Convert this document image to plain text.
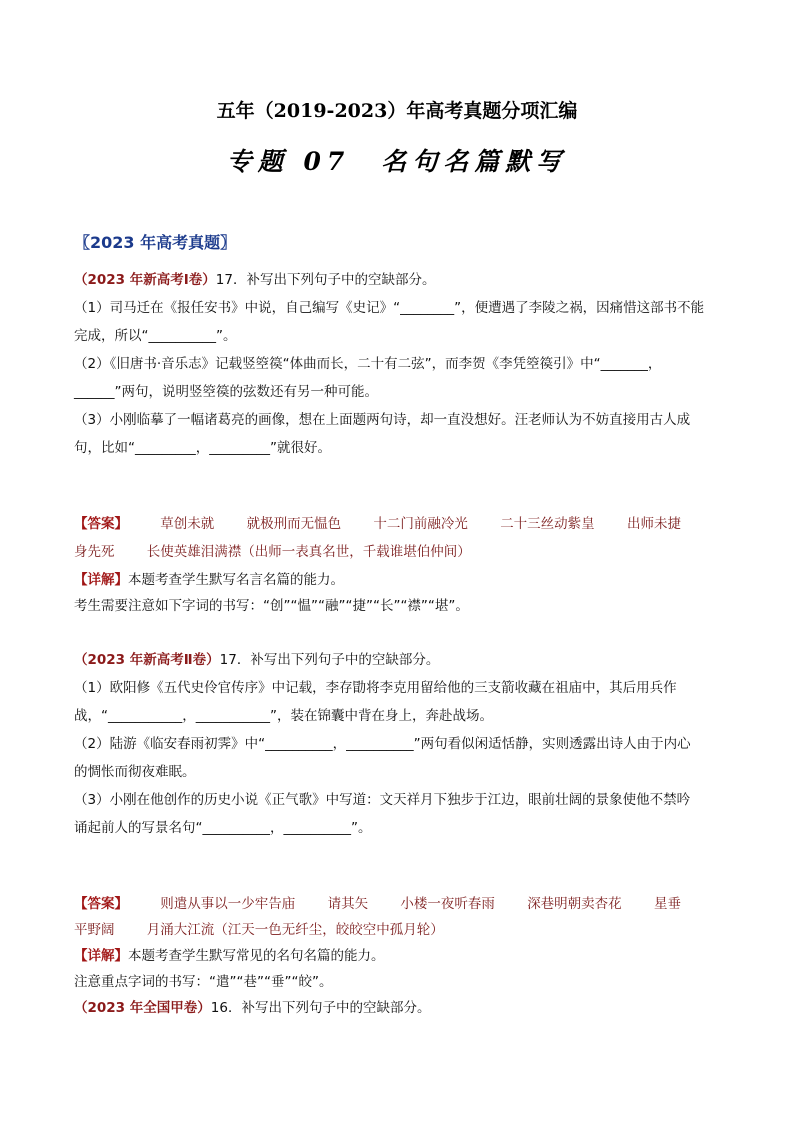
五年（2019-2023）年高考真题分项汇编
专题 07　名句名篇默写
〖2023 年高考真题〗
（2023 年新高考Ⅰ卷）17．补写出下列句子中的空缺部分。
（1）司马迁在《报任安书》中说，自己编写《史记》“________”，便遭遇了李陵之祸，因痛惜这部书不能
完成，所以“__________”。
（2）《旧唐书·音乐志》记载竖箜篌“体曲而长，二十有二弦”，而李贺《李凭箜篌引》中“_______，
______”两句，说明竖箜篌的弦数还有另一种可能。
（3）小刚临摹了一幅诸葛亮的画像，想在上面题两句诗，却一直没想好。汪老师认为不妨直接用古人成
句，比如“_________，_________”就很好。
【答案】 草创未就 就极刑而无愠色 十二门前融冷光 二十三丝动紫皇 出师未捷
身先死 长使英雄泪满襟（出师一表真名世，千载谁堪伯仲间）
【详解】本题考查学生默写名言名篇的能力。
考生需要注意如下字词的书写：“创”“愠”“融”“捷”“长”“襟”“堪”。
（2023 年新高考Ⅱ卷）17．补写出下列句子中的空缺部分。
（1）欧阳修《五代史伶官传序》中记载，李存勖将李克用留给他的三支箭收藏在祖庙中，其后用兵作
战，“___________，___________”，装在锦囊中背在身上，奔赴战场。
（2）陆游《临安春雨初霁》中“__________，__________”两句看似闲适恬静，实则透露出诗人由于内心
的惆怅而彻夜难眠。
（3）小刚在他创作的历史小说《正气歌》中写道：文天祥月下独步于江边，眼前壮阔的景象使他不禁吟
诵起前人的写景名句“__________，__________”。
【答案】 则遣从事以一少牢告庙 请其矢 小楼一夜听春雨 深巷明朝卖杏花 星垂
平野阔 月涌大江流（江天一色无纤尘，皎皎空中孤月轮）
【详解】本题考查学生默写常见的名句名篇的能力。
注意重点字词的书写：“遣”“巷”“垂”“皎”。
（2023 年全国甲卷）16．补写出下列句子中的空缺部分。
